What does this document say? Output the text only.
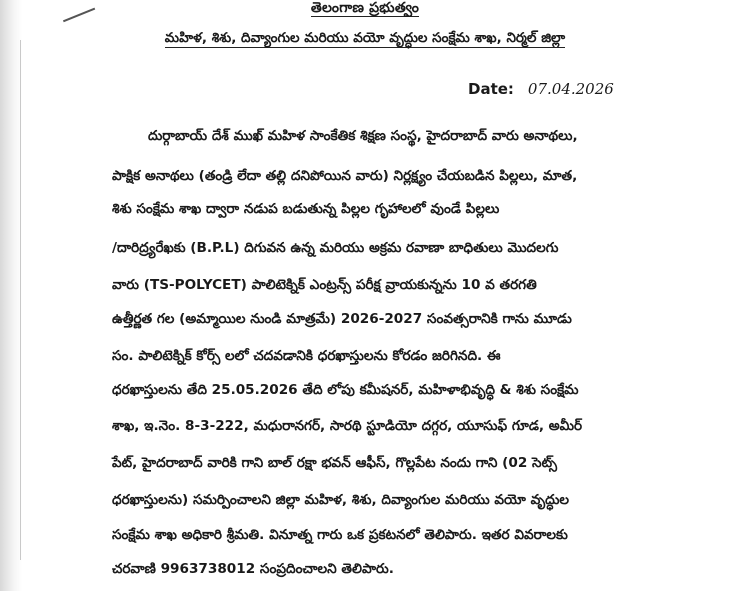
తెలంగాణ ప్రభుత్వం
మహిళ, శిశు, దివ్యాంగుల మరియు వయో వృద్ధుల సంక్షేమ శాఖ, నిర్మల్ జిల్లా
Date: 07.04.2026
దుర్గాబాయ్ దేశ్ ముఖ్ మహిళ సాంకేతిక శిక్షణ సంస్థ, హైదరాబాద్ వారు అనాథలు,
పాక్షిక అనాథలు (తండ్రి లేదా తల్లి దనిపోయిన వారు) నిర్లక్ష్యం చేయబడిన పిల్లలు, మాత,
శిశు సంక్షేమ శాఖ ద్వారా నడుప బడుతున్న పిల్లల గృహాలలో వుండే పిల్లలు
/దారిద్ర్యరేఖకు (B.P.L) దిగువన ఉన్న మరియు అక్రమ రవాణా బాధితులు మొదలగు
వారు (TS-POLYCET) పాలిటెక్నిక్ ఎంట్రన్స్ పరీక్ష వ్రాయకున్నను 10 వ తరగతి
ఉత్తీర్ణత గల (అమ్మాయిల నుండి మాత్రమే) 2026-2027 సంవత్సరానికి గాను మూడు
సం. పాలిటెక్నిక్ కోర్స్ లలో చదవడానికి ధరఖాస్తులను కోరడం జరిగినది. ఈ
ధరఖాస్తులను తేది 25.05.2026 తేది లోపు కమీషనర్, మహిళాభివృద్ధి & శిశు సంక్షేమ
శాఖ, ఇ.నెం. 8-3-222, మధురానగర్, సారథి స్టూడియో దగ్గర, యూసుఫ్ గూడ, అమీర్
పేట్, హైదరాబాద్ వారికి గాని బాల్ రక్షా భవన్ ఆఫీస్, గొల్లపేట నందు గాని (02 సెట్స్
ధరఖాస్తులను) సమర్పించాలని జిల్లా మహిళ, శిశు, దివ్యాంగుల మరియు వయో వృద్ధుల
సంక్షేమ శాఖ అధికారి శ్రీమతి. వినూత్న గారు ఒక ప్రకటనలో తెలిపారు. ఇతర వివరాలకు
చరవాణి 9963738012 సంప్రదించాలని తెలిపారు.
